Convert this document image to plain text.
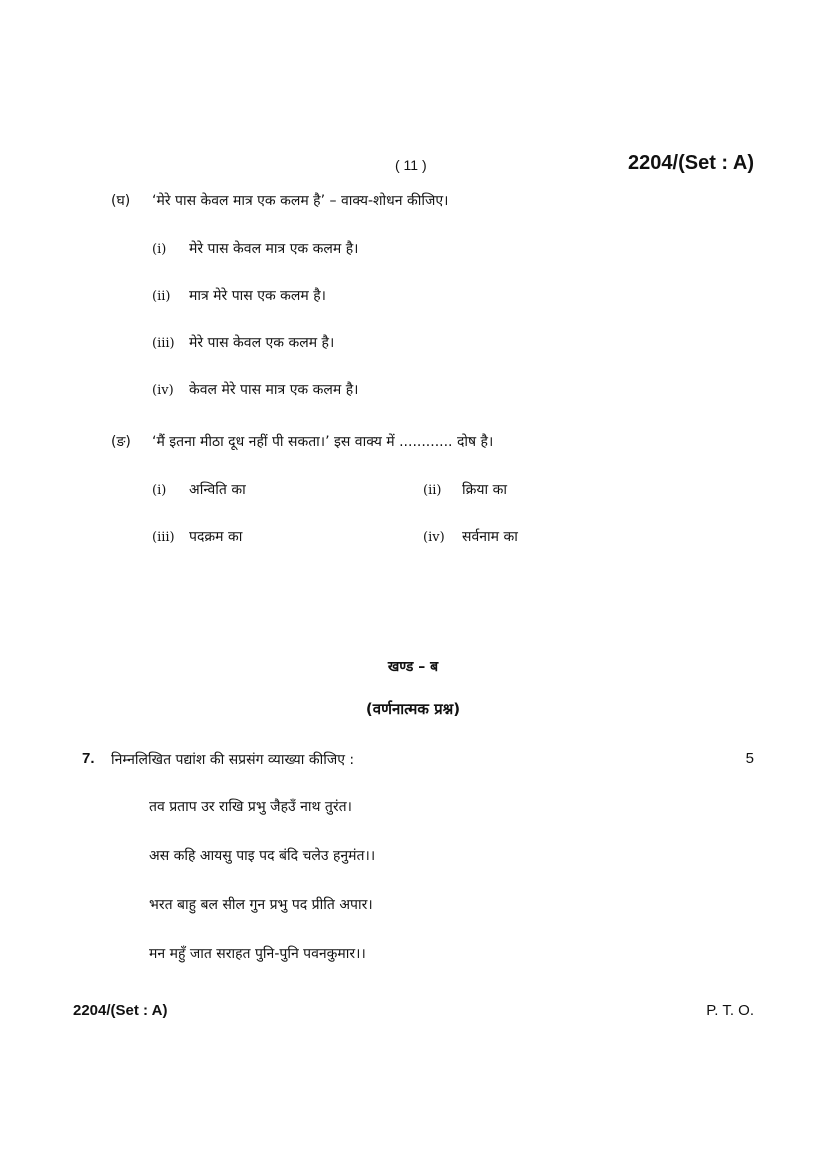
( 11 )	2204/(Set : A)
(घ) ‘मेरे पास केवल मात्र एक कलम है’ – वाक्य-शोधन कीजिए।
(i) मेरे पास केवल मात्र एक कलम है।
(ii) मात्र मेरे पास एक कलम है।
(iii) मेरे पास केवल एक कलम है।
(iv) केवल मेरे पास मात्र एक कलम है।
(ङ) ‘मैं इतना मीठा दूध नहीं पी सकता।’ इस वाक्य में ............ दोष है।
(i) अन्विति का	(ii) क्रिया का
(iii) पदक्रम का	(iv) सर्वनाम का
खण्ड – ब
(वर्णनात्मक प्रश्न)
7. निम्नलिखित पद्यांश की सप्रसंग व्याख्या कीजिए :	5
तव प्रताप उर राखि प्रभु जैहउँ नाथ तुरंत।
अस कहि आयसु पाइ पद बंदि चलेउ हनुमंत।।
भरत बाहु बल सील गुन प्रभु पद प्रीति अपार।
मन महुँ जात सराहत पुनि-पुनि पवनकुमार।।
2204/(Set : A)	P. T. O.
